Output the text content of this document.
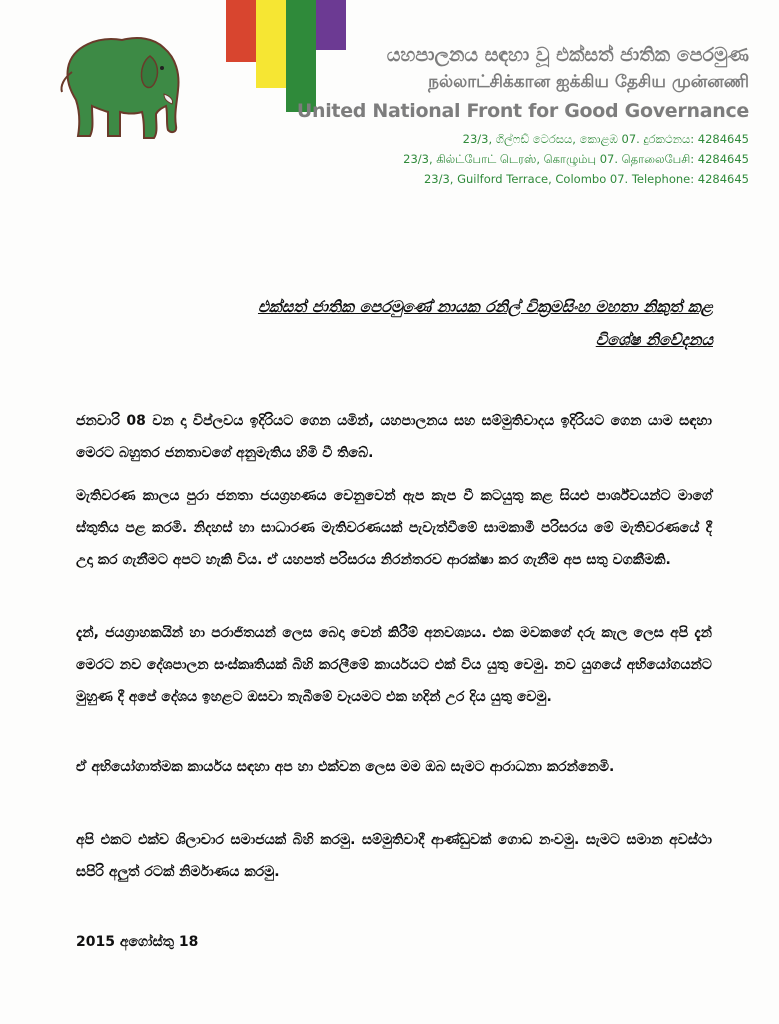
යහපාලනය සඳහා වූ එක්සත් ජාතික පෙරමුණ
நல்லாட்சிக்கான ஐக்கிய தேசிய முன்னணி
United National Front for Good Governance
23/3, ගිල්ෆඩ් ටෙරසය, කොළඹ 07. දුරකථනය: 4284645
23/3, கில்ட்போட் டெரஸ், கொழும்பு 07. தொலைபேசி: 4284645
23/3, Guilford Terrace, Colombo 07. Telephone: 4284645
එක්සත් ජාතික පෙරමුණේ නායක රනිල් වික්‍රමසිංහ මහතා නිකුත් කළ
විශේෂ නිවේදනය
ජනවාරි 08 වන දා විප්ලවය ඉදිරියට ගෙන යමින්, යහපාලනය සහ සම්මුතිවාදය ඉදිරියට ගෙන යාම සඳහා මෙරට බහුතර ජනතාවගේ අනුමැතිය හිමි වී තිබේ.
මැතිවරණ කාලය පුරා ජනතා ජයග්‍රහණය වෙනුවෙන් ඇප කැප වී කටයුතු කළ සියළු පාර්ශ්වයන්ට මාගේ ස්තුතිය පළ කරමි. නිදහස් හා සාධාරණ මැතිවරණයක් පැවැත්වීමේ සාමකාමී පරිසරය මේ මැතිවරණයේ දී උදා කර ගැනීමට අපට හැකි විය. ඒ යහපත් පරිසරය නිරන්තරව ආරක්ෂා කර ගැනීම අප සතු වගකීමකි.
දැන්, ජයග්‍රාහකයින් හා පරාජිතයන් ලෙස බෙදා වෙන් කිරීම් අනවශ්‍යය. එක මවකගේ දරු කැල ලෙස අපි දැන් මෙරට නව දේශපාලන සංස්කෘතියක් බිහි කරලීමේ කාර්යයට එක් විය යුතු වෙමු. නව යුගයේ අභියෝගයන්ට මුහුණ දී අපේ දේශය ඉහළට ඔසවා තැබීමේ වෑයමට එක හදින් උර දිය යුතු වෙමු.
ඒ අභියෝගාත්මක කාර්යය සඳහා අප හා එක්වන ලෙස මම ඔබ සැමට ආරාධනා කරන්නෙමි.
අපි එකට එක්ව ශිලාචාර සමාජයක් බිහි කරමු. සම්මුතිවාදී ආණ්ඩුවක් ගොඩ නංවමු. සැමට සමාන අවස්ථා සපිරි අලුත් රටක් නිර්මාණය කරමු.
2015 අගෝස්තු 18
